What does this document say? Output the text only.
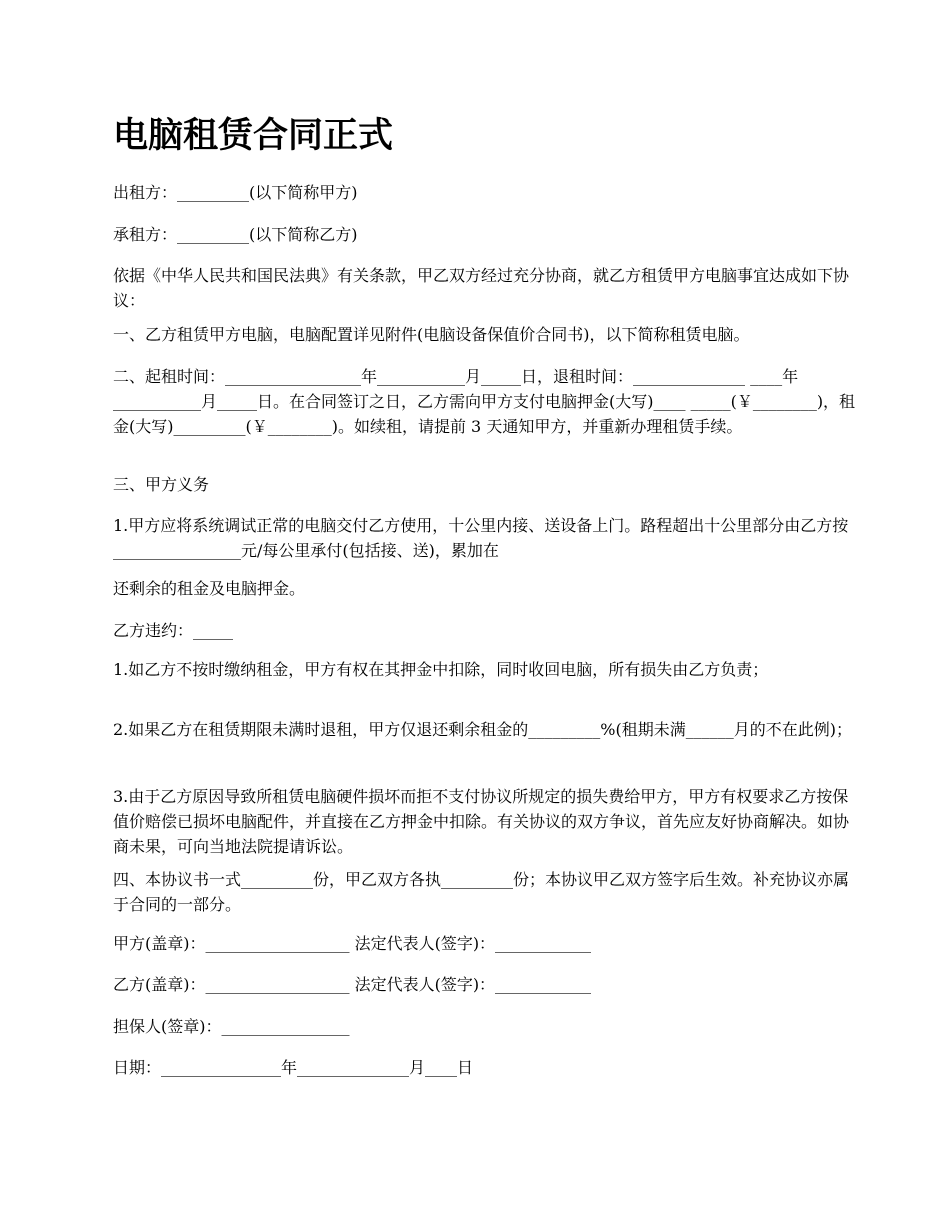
电脑租赁合同正式

出租方：_________(以下简称甲方)

承租方：_________(以下简称乙方)

依据《中华人民共和国民法典》有关条款，甲乙双方经过充分协商，就乙方租赁甲方电脑事宜达成如下协议：

一、乙方租赁甲方电脑，电脑配置详见附件(电脑设备保值价合同书)，以下简称租赁电脑。

二、起租时间：_________________年___________月_____日，退租时间：______________ ____年___________月_____日。在合同签订之日，乙方需向甲方支付电脑押金(大写)____ _____(￥________)，租金(大写)_________(￥________)。如续租，请提前 3 天通知甲方，并重新办理租赁手续。

三、甲方义务

1.甲方应将系统调试正常的电脑交付乙方使用，十公里内接、送设备上门。路程超出十公里部分由乙方按________________元/每公里承付(包括接、送)，累加在

还剩余的租金及电脑押金。

乙方违约：_____

1.如乙方不按时缴纳租金，甲方有权在其押金中扣除，同时收回电脑，所有损失由乙方负责；

2.如果乙方在租赁期限未满时退租，甲方仅退还剩余租金的_________%(租期未满______月的不在此例)；

3.由于乙方原因导致所租赁电脑硬件损坏而拒不支付协议所规定的损失费给甲方，甲方有权要求乙方按保值价赔偿已损坏电脑配件，并直接在乙方押金中扣除。有关协议的双方争议，首先应友好协商解决。如协商未果，可向当地法院提请诉讼。

四、本协议书一式_________份，甲乙双方各执_________份；本协议甲乙双方签字后生效。补充协议亦属于合同的一部分。

甲方(盖章)：__________________ 法定代表人(签字)：____________

乙方(盖章)：__________________ 法定代表人(签字)：____________

担保人(签章)：________________

日期：_______________年______________月____日
